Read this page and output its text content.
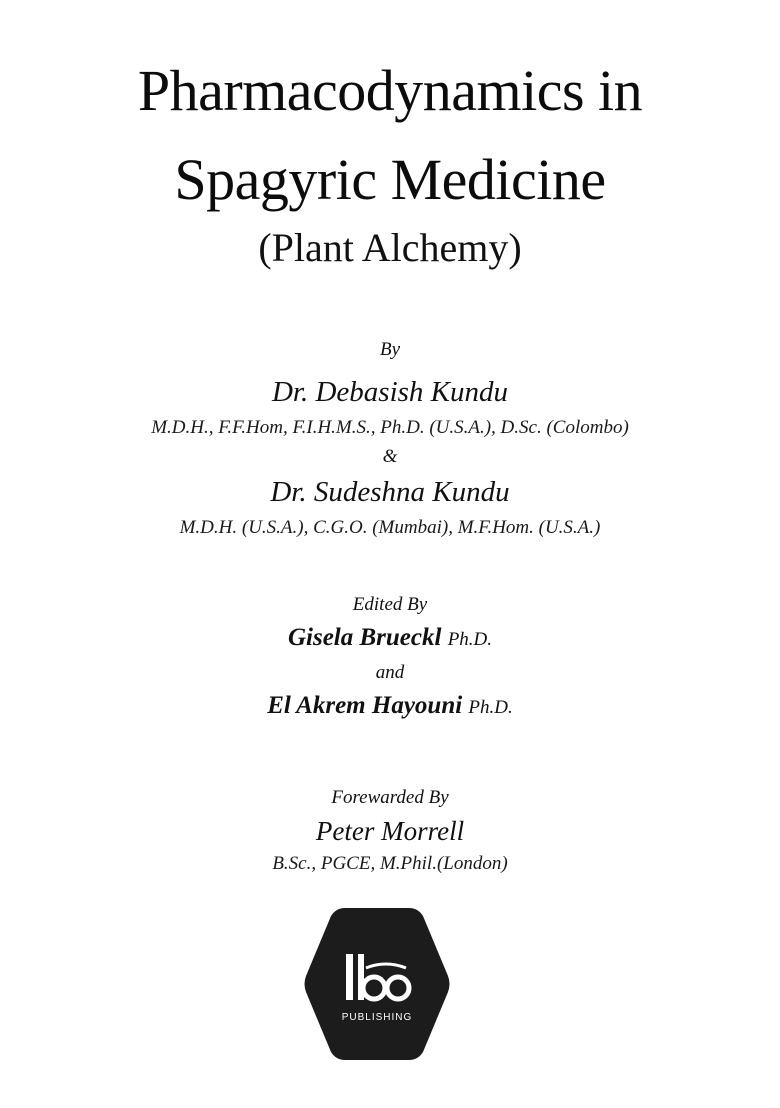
Pharmacodynamics in
Spagyric Medicine
(Plant Alchemy)
By
Dr. Debasish Kundu
M.D.H., F.F.Hom, F.I.H.M.S., Ph.D. (U.S.A.), D.Sc. (Colombo)
&
Dr. Sudeshna Kundu
M.D.H. (U.S.A.), C.G.O. (Mumbai), M.F.Hom. (U.S.A.)
Edited By
Gisela Brueckl Ph.D.
and
El Akrem Hayouni Ph.D.
Forewarded By
Peter Morrell
B.Sc., PGCE, M.Phil.(London)
PUBLISHING
